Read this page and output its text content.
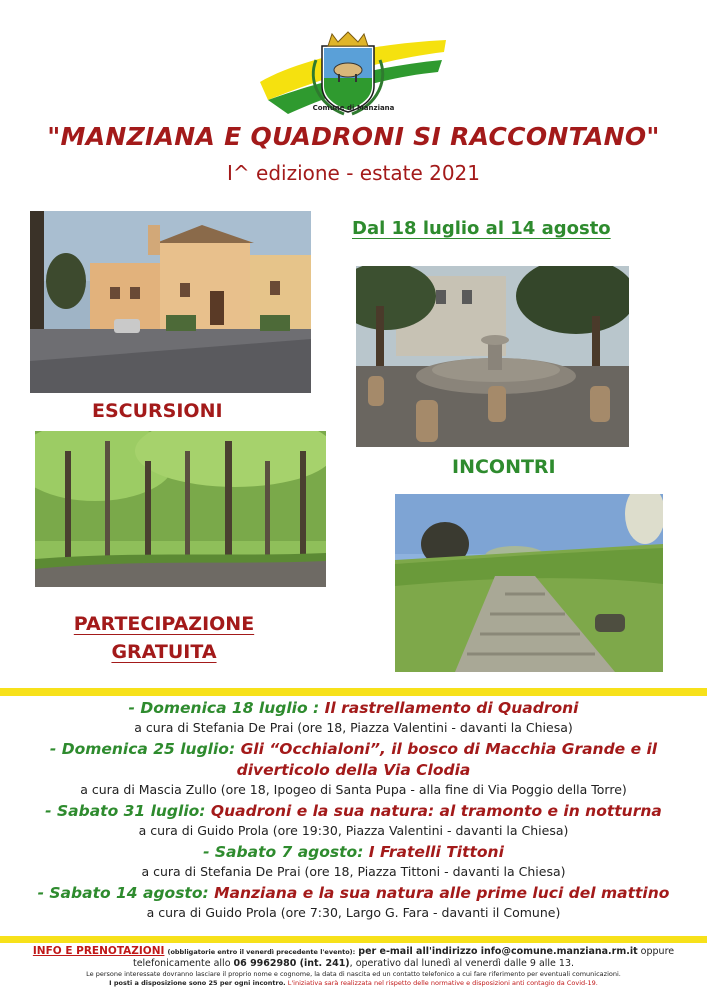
Comune di Manziana
"MANZIANA E QUADRONI SI RACCONTANO"
I^ edizione - estate 2021
Dal 18 luglio al 14 agosto
ESCURSIONI
INCONTRI
PARTECIPAZIONE
GRATUITA
- Domenica 18 luglio : Il rastrellamento di Quadroni
a cura di Stefania De Prai (ore 18, Piazza Valentini - davanti la Chiesa)
- Domenica 25 luglio: Gli “Occhialoni”, il bosco di Macchia Grande e il
diverticolo della Via Clodia
a cura di Mascia Zullo (ore 18, Ipogeo di Santa Pupa - alla fine di Via Poggio della Torre)
- Sabato 31 luglio: Quadroni e la sua natura: al tramonto e in notturna
a cura di Guido Prola (ore 19:30, Piazza Valentini - davanti la Chiesa)
- Sabato 7 agosto: I Fratelli Tittoni
a cura di Stefania De Prai (ore 18, Piazza Tittoni - davanti la Chiesa)
- Sabato 14 agosto: Manziana e la sua natura alle prime luci del mattino
a cura di Guido Prola (ore 7:30, Largo G. Fara - davanti il Comune)
INFO E PRENOTAZIONI (obbligatorie entro il venerdì precedente l'evento): per e-mail all'indirizzo info@comune.manziana.rm.it oppure
telefonicamente allo 06 9962980 (int. 241), operativo dal lunedì al venerdì dalle 9 alle 13.
Le persone interessate dovranno lasciare il proprio nome e cognome, la data di nascita ed un contatto telefonico a cui fare riferimento per eventuali comunicazioni.
I posti a disposizione sono 25 per ogni incontro. L'iniziativa sarà realizzata nel rispetto delle normative e disposizioni anti contagio da Covid-19.
